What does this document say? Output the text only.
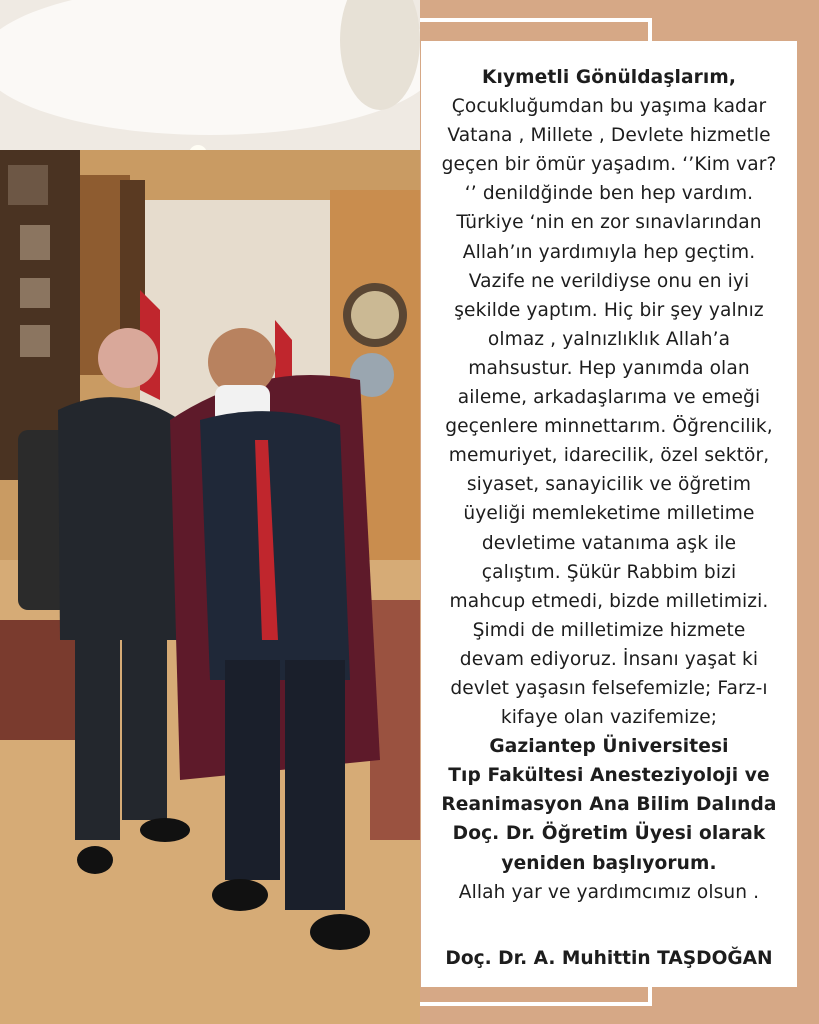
Kıymetli Gönüldaşlarım,
Çocukluğumdan bu yaşıma kadar
Vatana , Millete , Devlete hizmetle
geçen bir ömür yaşadım. ‘’Kim var?
‘’ denildğinde ben hep vardım.
Türkiye ‘nin en zor sınavlarından
Allah’ın yardımıyla hep geçtim.
Vazife ne verildiyse onu en iyi
şekilde yaptım. Hiç bir şey yalnız
olmaz , yalnızlıklık Allah’a
mahsustur. Hep yanımda olan
aileme, arkadaşlarıma ve emeği
geçenlere minnettarım. Öğrencilik,
memuriyet, idarecilik, özel sektör,
siyaset, sanayicilik ve öğretim
üyeliği memleketime milletime
devletime vatanıma aşk ile
çalıştım. Şükür Rabbim bizi
mahcup etmedi, bizde milletimizi.
Şimdi de milletimize hizmete
devam ediyoruz. İnsanı yaşat ki
devlet yaşasın felsefemizle; Farz-ı
kifaye olan vazifemize;
Gaziantep Üniversitesi
Tıp Fakültesi Anesteziyoloji ve
Reanimasyon Ana Bilim Dalında
Doç. Dr. Öğretim Üyesi olarak
yeniden başlıyorum.
Allah yar ve yardımcımız olsun .
Doç. Dr. A. Muhittin TAŞDOĞAN
